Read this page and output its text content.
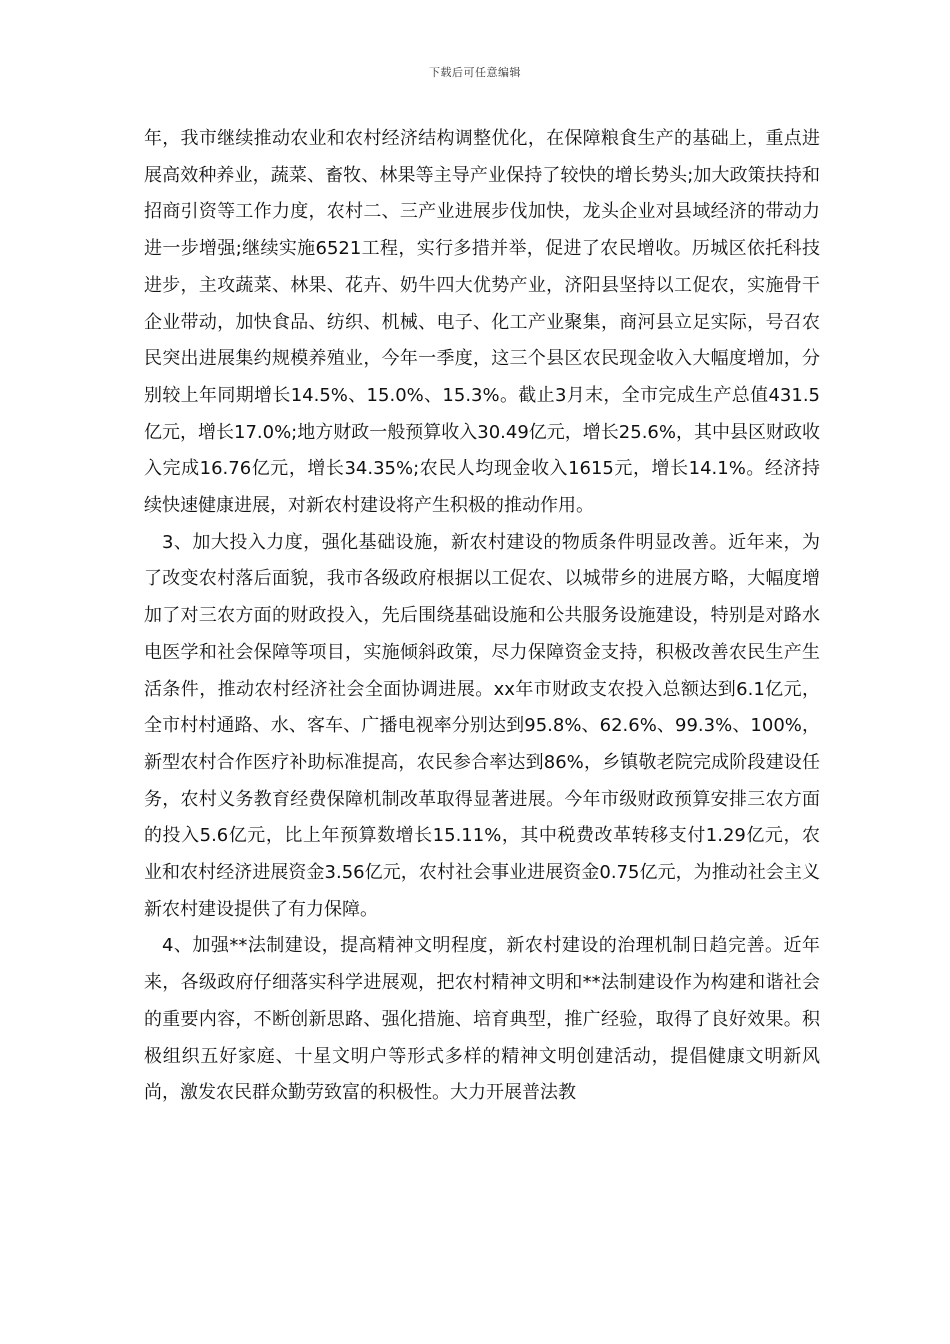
下载后可任意编辑

年，我市继续推动农业和农村经济结构调整优化，在保障粮食生产的基础上，重点进展高效种养业，蔬菜、畜牧、林果等主导产业保持了较快的增长势头;加大政策扶持和招商引资等工作力度，农村二、三产业进展步伐加快，龙头企业对县域经济的带动力进一步增强;继续实施6521工程，实行多措并举，促进了农民增收。历城区依托科技进步，主攻蔬菜、林果、花卉、奶牛四大优势产业，济阳县坚持以工促农，实施骨干企业带动，加快食品、纺织、机械、电子、化工产业聚集，商河县立足实际，号召农民突出进展集约规模养殖业，今年一季度，这三个县区农民现金收入大幅度增加，分别较上年同期增长14.5%、15.0%、15.3%。截止3月末，全市完成生产总值431.5亿元，增长17.0%;地方财政一般预算收入30.49亿元，增长25.6%，其中县区财政收入完成16.76亿元，增长34.35%;农民人均现金收入1615元，增长14.1%。经济持续快速健康进展，对新农村建设将产生积极的推动作用。

3、加大投入力度，强化基础设施，新农村建设的物质条件明显改善。近年来，为了改变农村落后面貌，我市各级政府根据以工促农、以城带乡的进展方略，大幅度增加了对三农方面的财政投入，先后围绕基础设施和公共服务设施建设，特别是对路水电医学和社会保障等项目，实施倾斜政策，尽力保障资金支持，积极改善农民生产生活条件，推动农村经济社会全面协调进展。xx年市财政支农投入总额达到6.1亿元，全市村村通路、水、客车、广播电视率分别达到95.8%、62.6%、99.3%、100%，新型农村合作医疗补助标准提高，农民参合率达到86%，乡镇敬老院完成阶段建设任务，农村义务教育经费保障机制改革取得显著进展。今年市级财政预算安排三农方面的投入5.6亿元，比上年预算数增长15.11%，其中税费改革转移支付1.29亿元，农业和农村经济进展资金3.56亿元，农村社会事业进展资金0.75亿元，为推动社会主义新农村建设提供了有力保障。

4、加强**法制建设，提高精神文明程度，新农村建设的治理机制日趋完善。近年来，各级政府仔细落实科学进展观，把农村精神文明和**法制建设作为构建和谐社会的重要内容，不断创新思路、强化措施、培育典型，推广经验，取得了良好效果。积极组织五好家庭、十星文明户等形式多样的精神文明创建活动，提倡健康文明新风尚，激发农民群众勤劳致富的积极性。大力开展普法教
